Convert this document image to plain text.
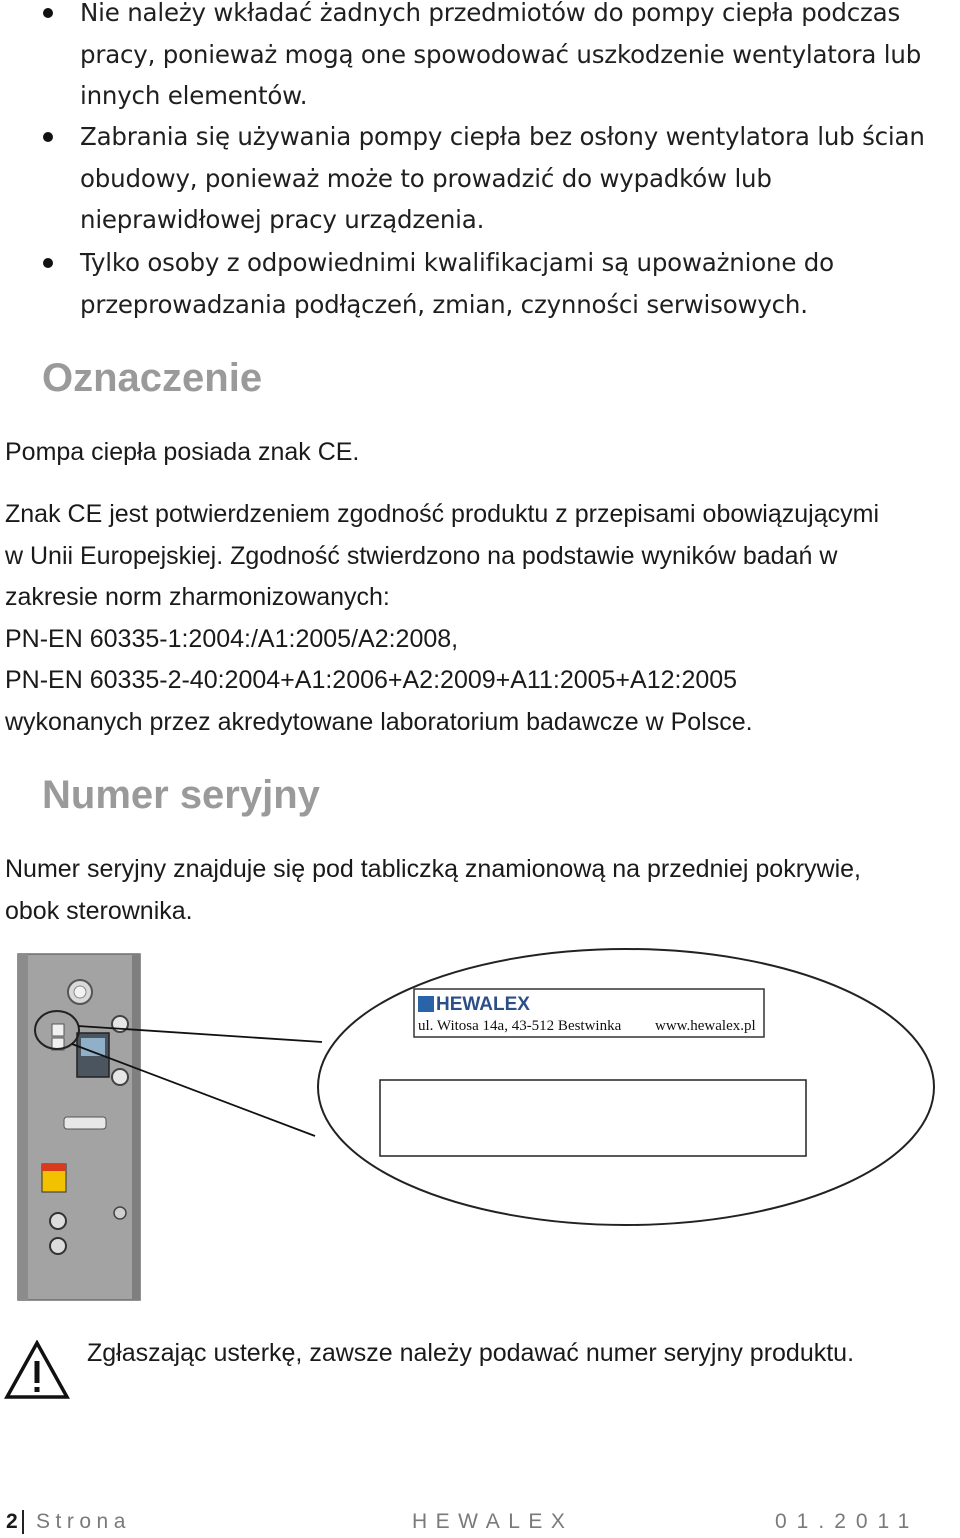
Nie należy wkładać żadnych przedmiotów do pompy ciepła podczas
pracy, ponieważ mogą one spowodować uszkodzenie wentylatora lub
innych elementów.
Zabrania się używania pompy ciepła bez osłony wentylatora lub ścian
obudowy, ponieważ może to prowadzić do wypadków lub
nieprawidłowej pracy urządzenia.
Tylko osoby z odpowiednimi kwalifikacjami są upoważnione do
przeprowadzania podłączeń, zmian, czynności serwisowych.
Oznaczenie

Pompa ciepła posiada znak CE.

Znak CE jest potwierdzeniem zgodność produktu z przepisami obowiązującymi
w Unii Europejskiej. Zgodność stwierdzono na podstawie wyników badań w
zakresie norm zharmonizowanych:
PN-EN 60335-1:2004:/A1:2005/A2:2008,
PN-EN 60335-2-40:2004+A1:2006+A2:2009+A11:2005+A12:2005
wykonanych przez akredytowane laboratorium badawcze w Polsce.

Numer seryjny

Numer seryjny znajduje się pod tabliczką znamionową na przedniej pokrywie,
obok sterownika.

HEWALEX
ul. Witosa 14a, 43-512 Bestwinka www.hewalex.pl
Zgłaszając usterkę, zawsze należy podawać numer seryjny produktu.
2 Strona	HEWALEX	01.2011
